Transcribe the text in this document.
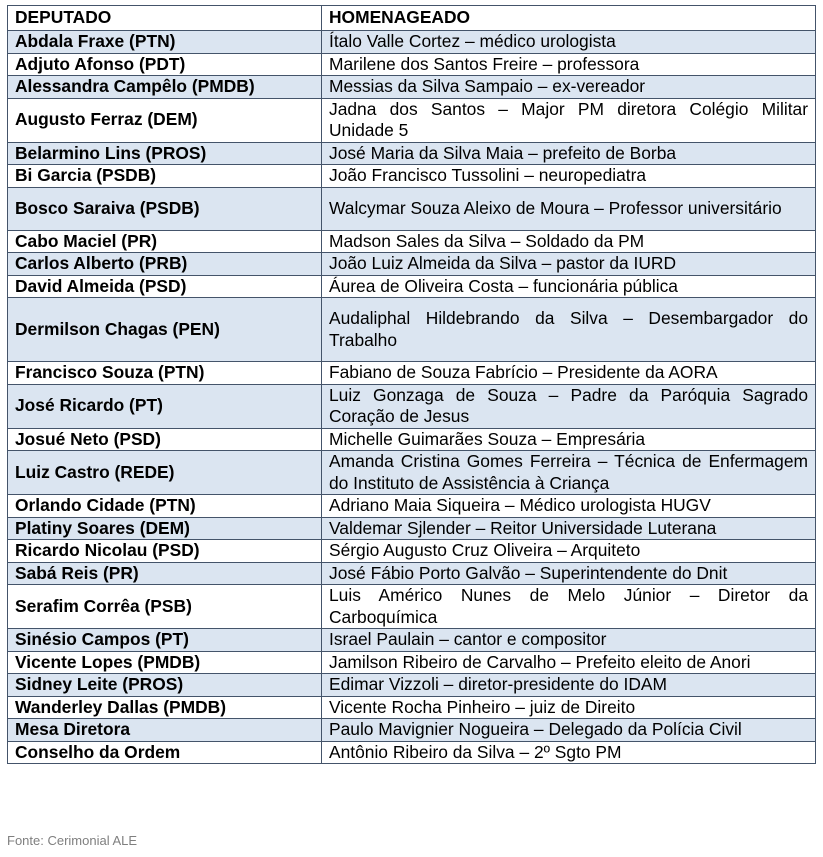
DEPUTADO	HOMENAGEADO
Abdala Fraxe (PTN)	Ítalo Valle Cortez – médico urologista
Adjuto Afonso (PDT)	Marilene dos Santos Freire – professora
Alessandra Campêlo (PMDB)	Messias da Silva Sampaio – ex-vereador
Augusto Ferraz (DEM)	Jadna dos Santos – Major PM diretora Colégio Militar Unidade 5
Belarmino Lins (PROS)	José Maria da Silva Maia – prefeito de Borba
Bi Garcia (PSDB)	João Francisco Tussolini – neuropediatra
Bosco Saraiva (PSDB)	Walcymar Souza Aleixo de Moura – Professor universitário
Cabo Maciel (PR)	Madson Sales da Silva – Soldado da PM
Carlos Alberto (PRB)	João Luiz Almeida da Silva – pastor da IURD
David Almeida (PSD)	Áurea de Oliveira Costa – funcionária pública
Dermilson Chagas (PEN)	Audaliphal Hildebrando da Silva – Desembargador do Trabalho
Francisco Souza (PTN)	Fabiano de Souza Fabrício – Presidente da AORA
José Ricardo (PT)	Luiz Gonzaga de Souza – Padre da Paróquia Sagrado Coração de Jesus
Josué Neto (PSD)	Michelle Guimarães Souza – Empresária
Luiz Castro (REDE)	Amanda Cristina Gomes Ferreira – Técnica de Enfermagem do Instituto de Assistência à Criança
Orlando Cidade (PTN)	Adriano Maia Siqueira – Médico urologista HUGV
Platiny Soares (DEM)	Valdemar Sjlender – Reitor Universidade Luterana
Ricardo Nicolau (PSD)	Sérgio Augusto Cruz Oliveira – Arquiteto
Sabá Reis (PR)	José Fábio Porto Galvão – Superintendente do Dnit
Serafim Corrêa (PSB)	Luis Américo Nunes de Melo Júnior – Diretor da Carboquímica
Sinésio Campos (PT)	Israel Paulain – cantor e compositor
Vicente Lopes (PMDB)	Jamilson Ribeiro de Carvalho – Prefeito eleito de Anori
Sidney Leite (PROS)	Edimar Vizzoli – diretor-presidente do IDAM
Wanderley Dallas (PMDB)	Vicente Rocha Pinheiro – juiz de Direito
Mesa Diretora	Paulo Mavignier Nogueira – Delegado da Polícia Civil
Conselho da Ordem	Antônio Ribeiro da Silva – 2º Sgto PM
Fonte: Cerimonial ALE
